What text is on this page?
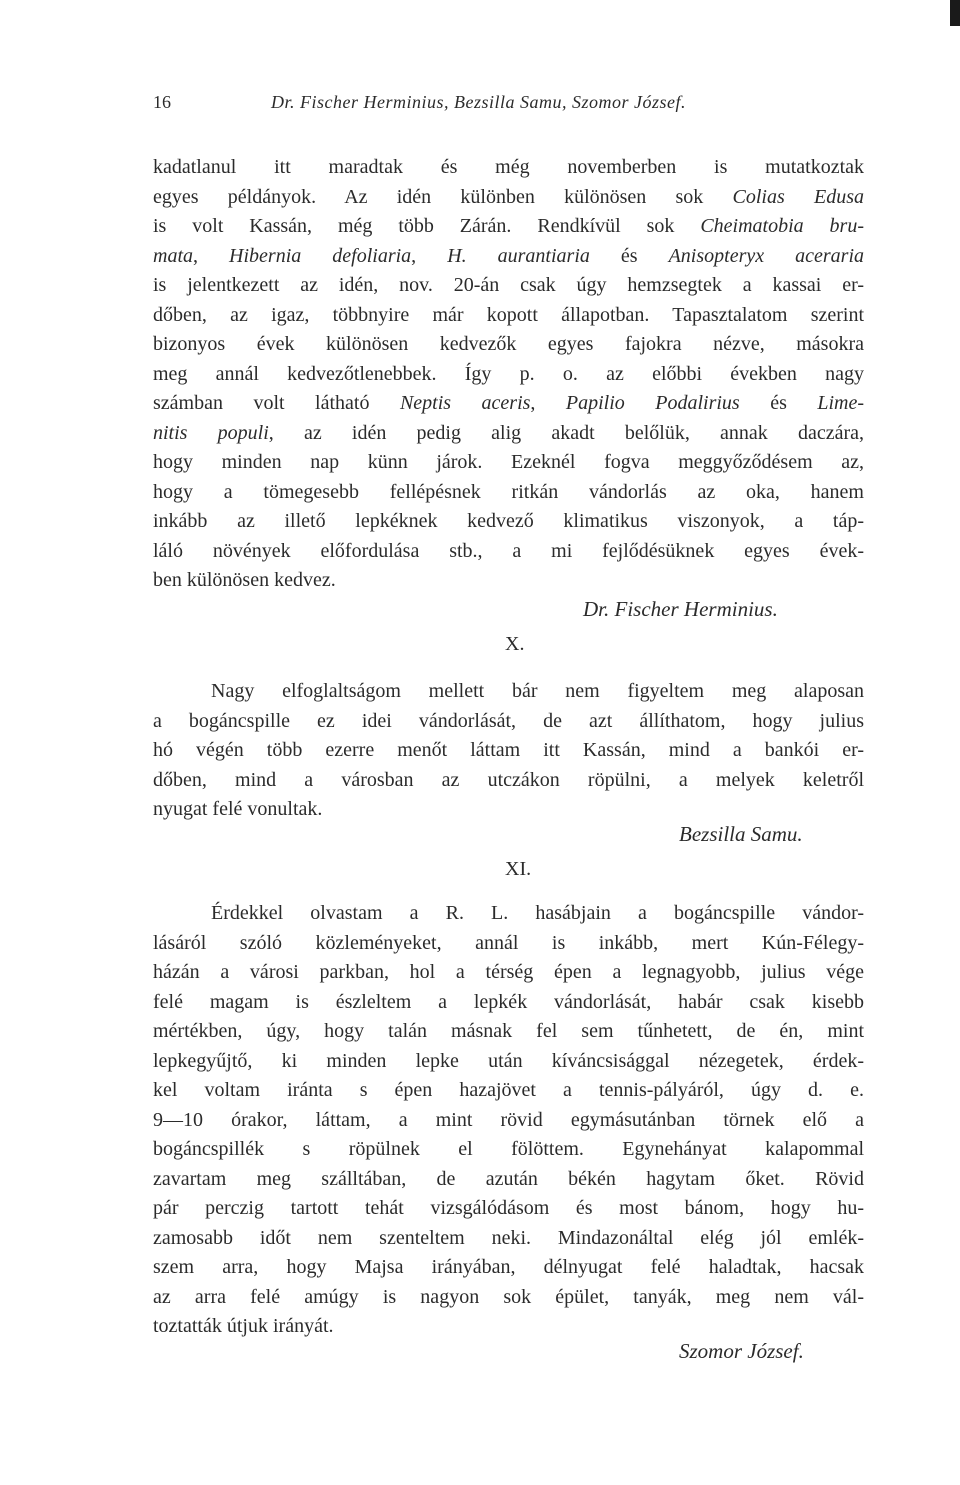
16	Dr. Fischer Herminius, Bezsilla Samu, Szomor József.
kadatlanul itt maradtak és még novemberben is mutatkoztak
egyes példányok. Az idén különben különösen sok Colias Edusa
is volt Kassán, még több Zárán. Rendkívül sok Cheimatobia bru-
mata, Hibernia defoliaria, H. aurantiaria és Anisopteryx aceraria
is jelentkezett az idén, nov. 20-án csak úgy hemzsegtek a kassai er-
dőben, az igaz, többnyire már kopott állapotban. Tapasztalatom szerint
bizonyos évek különösen kedvezők egyes fajokra nézve, másokra
meg annál kedvezőtlenebbek. Így p. o. az előbbi években nagy
számban volt látható Neptis aceris, Papilio Podalirius és Lime-
nitis populi, az idén pedig alig akadt belőlük, annak daczára,
hogy minden nap künn járok. Ezeknél fogva meggyőződésem az,
hogy a tömegesebb fellépésnek ritkán vándorlás az oka, hanem
inkább az illető lepkéknek kedvező klimatikus viszonyok, a táp-
láló növények előfordulása stb., a mi fejlődésüknek egyes évek-
ben különösen kedvez.
Dr. Fischer Herminius.
X.
Nagy elfoglaltságom mellett bár nem figyeltem meg alaposan
a bogáncspille ez idei vándorlását, de azt állíthatom, hogy julius
hó végén több ezerre menőt láttam itt Kassán, mind a bankói er-
dőben, mind a városban az utczákon röpülni, a melyek keletről
nyugat felé vonultak.
Bezsilla Samu.
XI.
Érdekkel olvastam a R. L. hasábjain a bogáncspille vándor-
lásáról szóló közleményeket, annál is inkább, mert Kún-Félegy-
házán a városi parkban, hol a térség épen a legnagyobb, julius vége
felé magam is észleltem a lepkék vándorlását, habár csak kisebb
mértékben, úgy, hogy talán másnak fel sem tűnhetett, de én, mint
lepkegyűjtő, ki minden lepke után kíváncsisággal nézegetek, érdek-
kel voltam iránta s épen hazajövet a tennis-pályáról, úgy d. e.
9—10 órakor, láttam, a mint rövid egymásutánban törnek elő a
bogáncspillék s röpülnek el fölöttem. Egynehányat kalapommal
zavartam meg szálltában, de azután békén hagytam őket. Rövid
pár perczig tartott tehát vizsgálódásom és most bánom, hogy hu-
zamosabb időt nem szenteltem neki. Mindazonáltal elég jól emlék-
szem arra, hogy Majsa irányában, délnyugat felé haladtak, hacsak
az arra felé amúgy is nagyon sok épület, tanyák, meg nem vál-
toztatták útjuk irányát.
Szomor József.
